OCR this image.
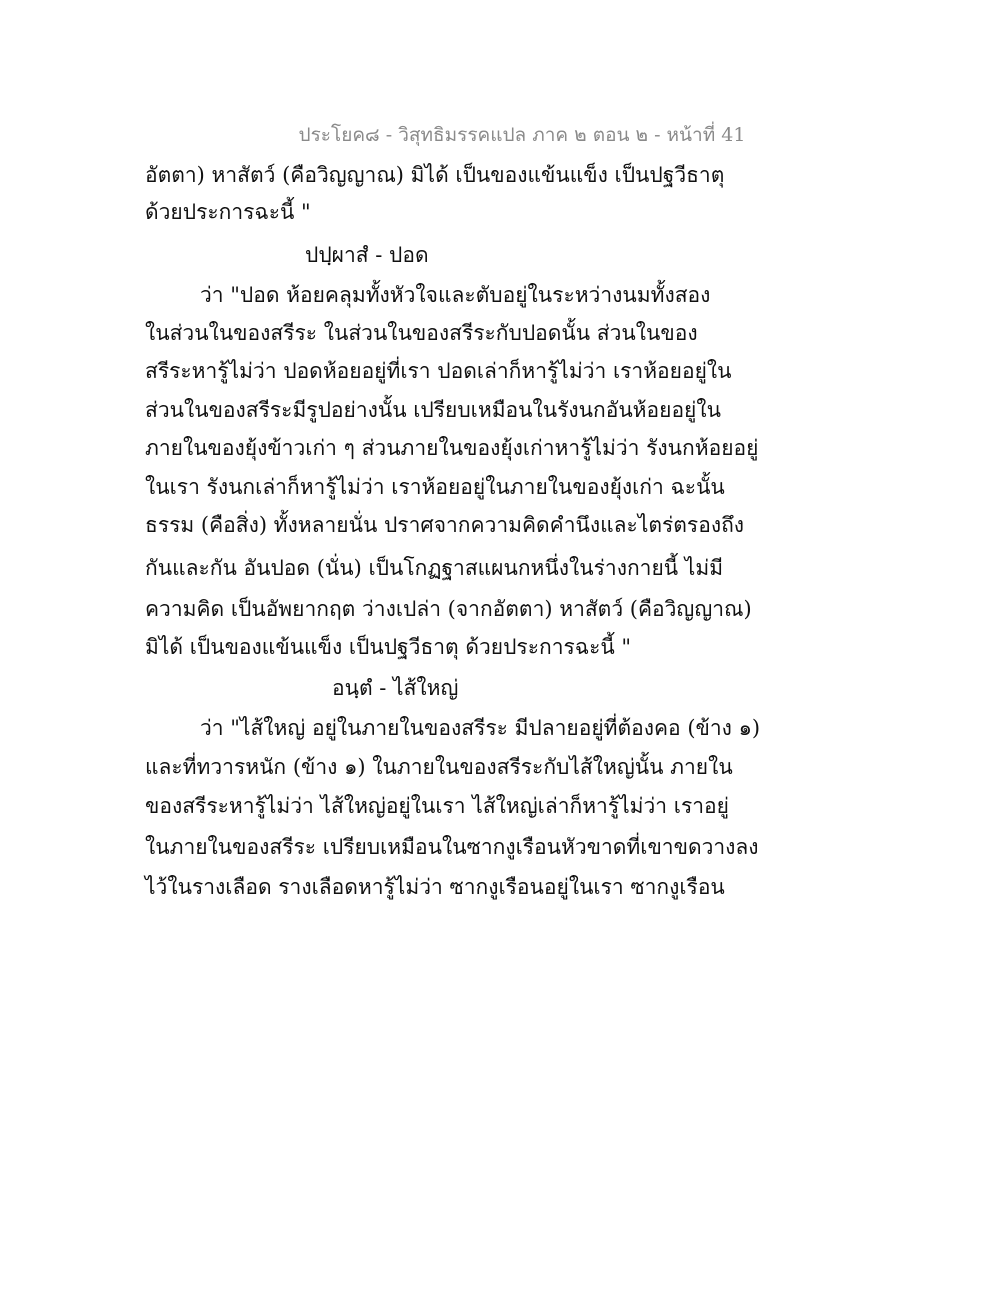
ประโยค๘ - วิสุทธิมรรคแปล ภาค ๒ ตอน ๒ - หน้าที่ 41
อัตตา) หาสัตว์ (คือวิญญาณ) มิได้ เป็นของแข้นแข็ง เป็นปฐวีธาตุ
ด้วยประการฉะนี้ "
ปปฺผาสํ - ปอด
ว่า "ปอด ห้อยคลุมทั้งหัวใจและตับอยู่ในระหว่างนมทั้งสอง
ในส่วนในของสรีระ ในส่วนในของสรีระกับปอดนั้น ส่วนในของ
สรีระหารู้ไม่ว่า ปอดห้อยอยู่ที่เรา ปอดเล่าก็หารู้ไม่ว่า เราห้อยอยู่ใน
ส่วนในของสรีระมีรูปอย่างนั้น เปรียบเหมือนในรังนกอันห้อยอยู่ใน
ภายในของยุ้งข้าวเก่า ๆ ส่วนภายในของยุ้งเก่าหารู้ไม่ว่า รังนกห้อยอยู่
ในเรา รังนกเล่าก็หารู้ไม่ว่า เราห้อยอยู่ในภายในของยุ้งเก่า ฉะนั้น
ธรรม (คือสิ่ง) ทั้งหลายนั่น ปราศจากความคิดคำนึงและไตร่ตรองถึง
กันและกัน อันปอด (นั่น) เป็นโกฏฐาสแผนกหนึ่งในร่างกายนี้ ไม่มี
ความคิด เป็นอัพยากฤต ว่างเปล่า (จากอัตตา) หาสัตว์ (คือวิญญาณ)
มิได้ เป็นของแข้นแข็ง เป็นปฐวีธาตุ ด้วยประการฉะนี้ "
อนฺตํ - ไส้ใหญ่
ว่า "ไส้ใหญ่ อยู่ในภายในของสรีระ มีปลายอยู่ที่ต้องคอ (ข้าง ๑)
และที่ทวารหนัก (ข้าง ๑) ในภายในของสรีระกับไส้ใหญ่นั้น ภายใน
ของสรีระหารู้ไม่ว่า ไส้ใหญ่อยู่ในเรา ไส้ใหญ่เล่าก็หารู้ไม่ว่า เราอยู่
ในภายในของสรีระ เปรียบเหมือนในซากงูเรือนหัวขาดที่เขาขดวางลง
ไว้ในรางเลือด รางเลือดหารู้ไม่ว่า ซากงูเรือนอยู่ในเรา ซากงูเรือน
